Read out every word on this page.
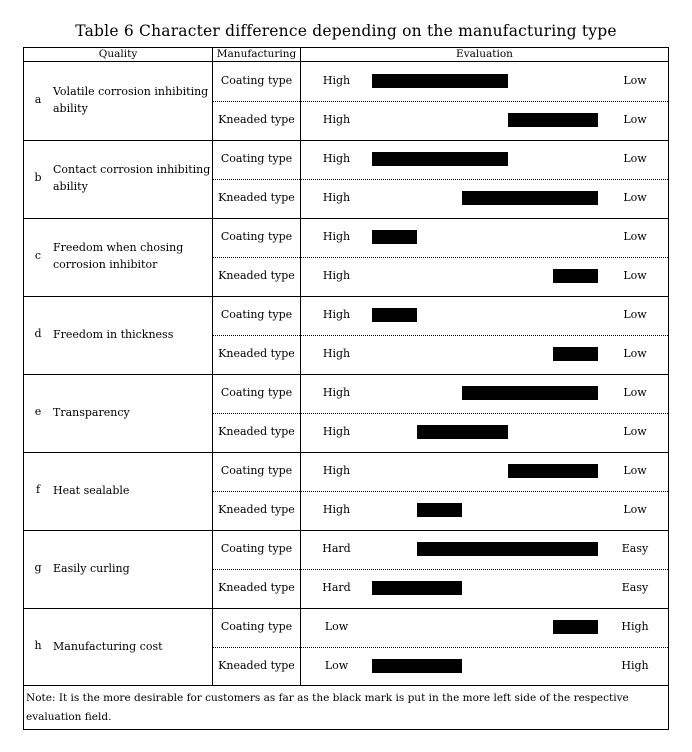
Table 6 Character difference depending on the manufacturing type
Quality	Manufacturing	Evaluation
a
Volatile corrosion inhibiting ability
Coating type	High	Low
Kneaded type	High	Low
b
Contact corrosion inhibiting ability
Coating type	High	Low
Kneaded type	High	Low
c
Freedom when chosing corrosion inhibitor
Coating type	High	Low
Kneaded type	High	Low
d	Freedom in thickness
Coating type	High	Low
Kneaded type	High	Low
e	Transparency
Coating type	High	Low
Kneaded type	High	Low
f	Heat sealable
Coating type	High	Low
Kneaded type	High	Low
g	Easily curling
Coating type	Hard	Easy
Kneaded type	Hard	Easy
h	Manufacturing cost
Coating type	Low	High
Kneaded type	Low	High
Note: It is the more desirable for customers as far as the black mark is put in the more left side of the respective evaluation field.
